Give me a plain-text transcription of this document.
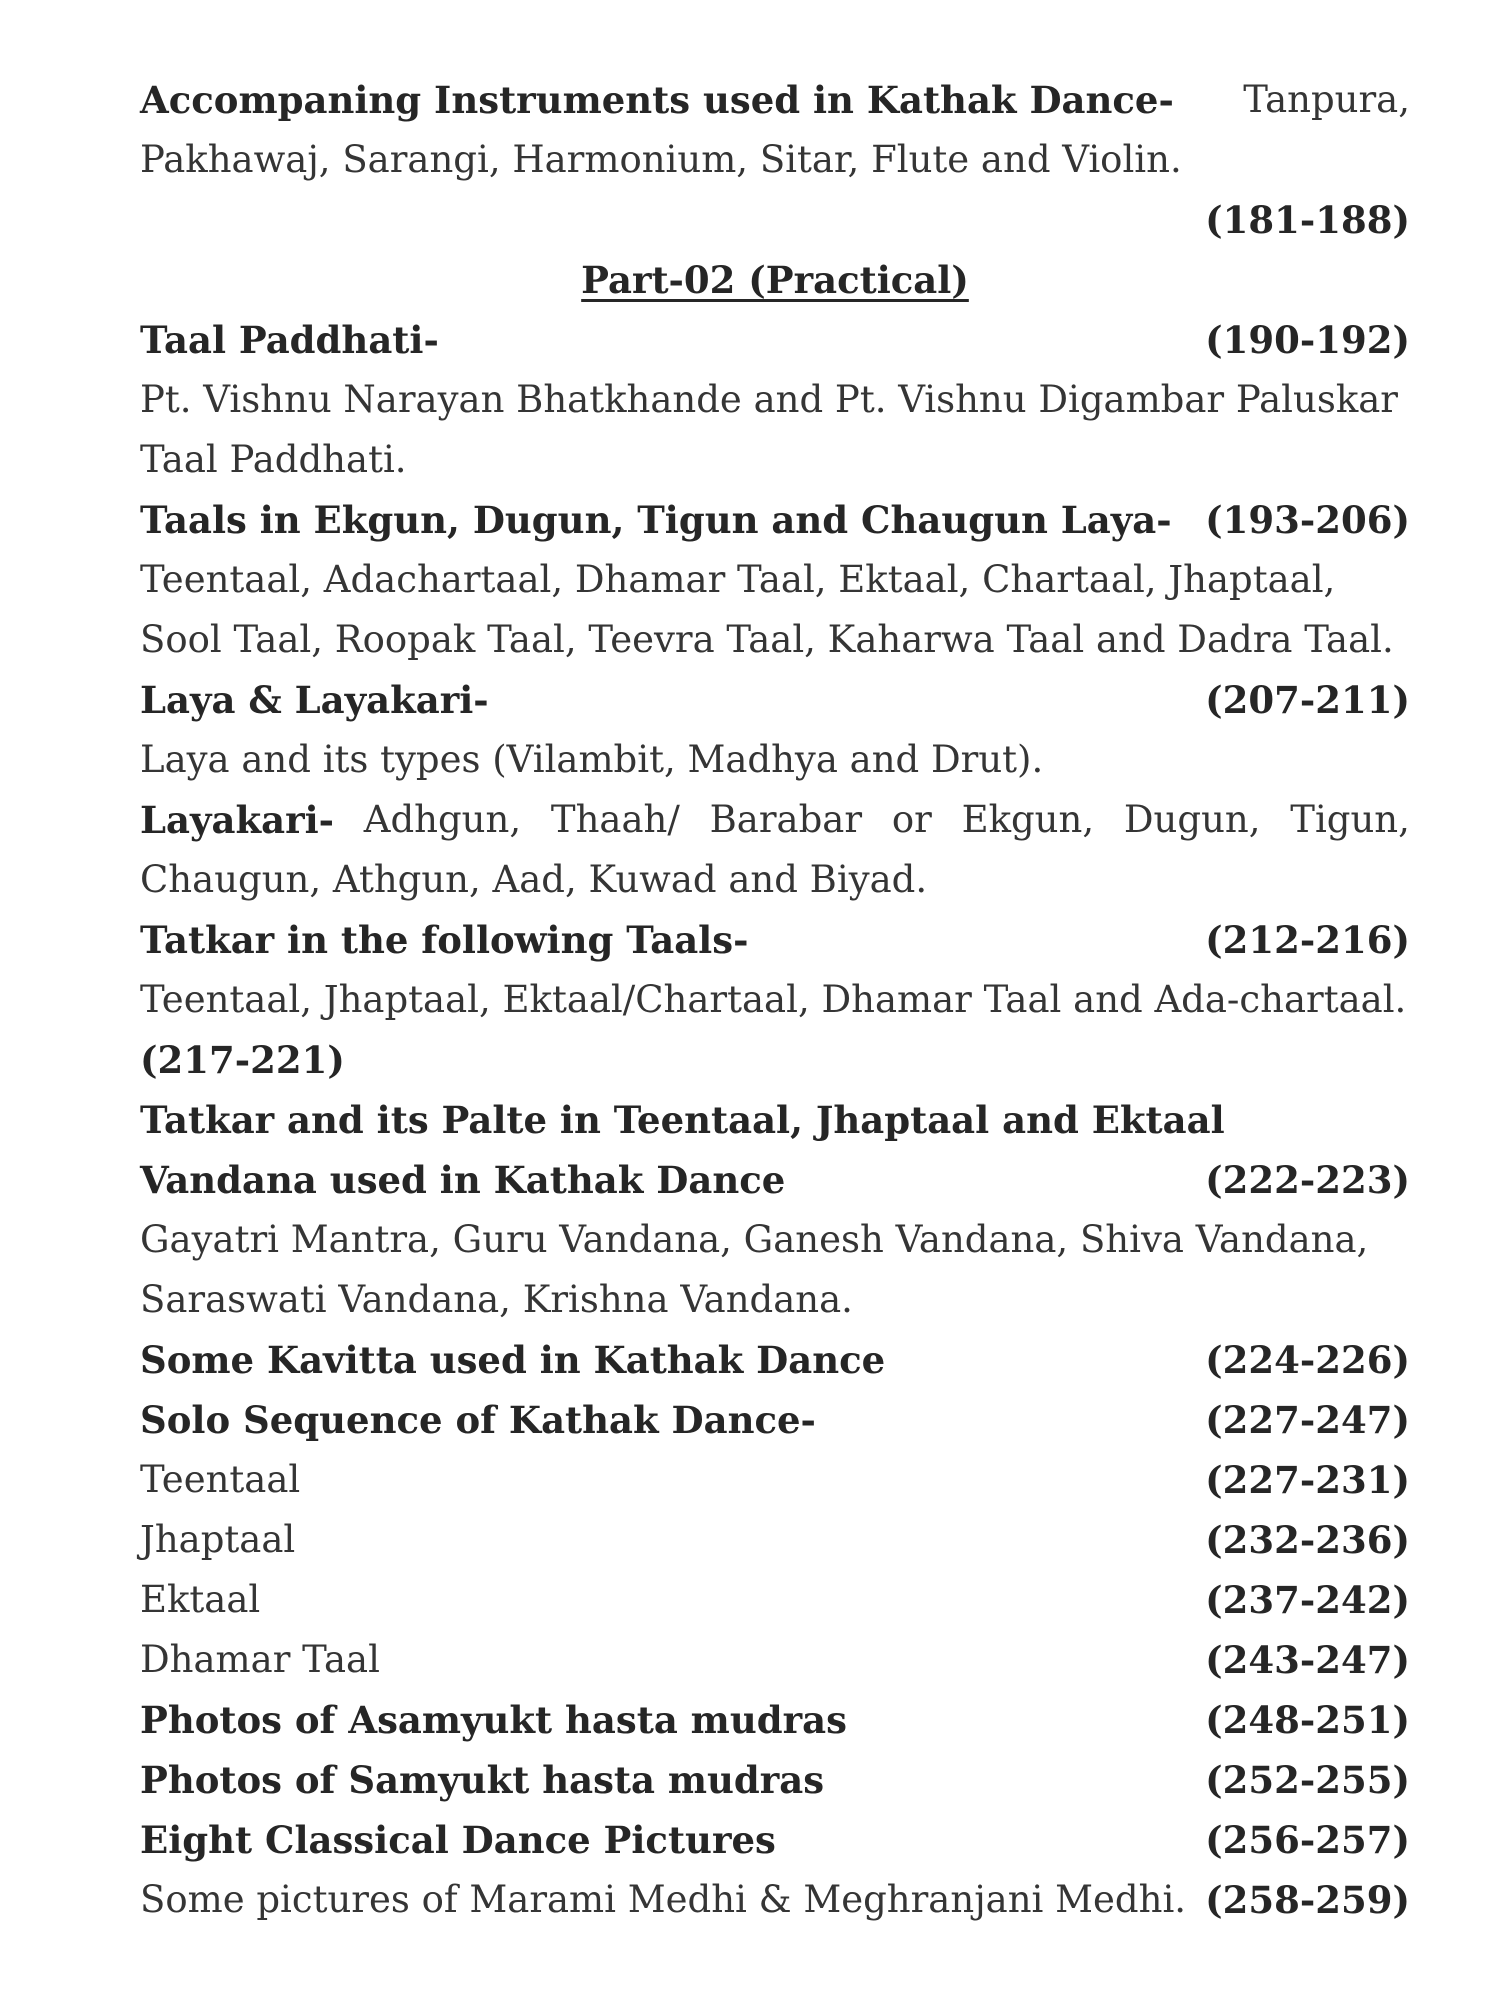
Accompaning Instruments used in Kathak Dance- Tanpura,
Pakhawaj, Sarangi, Harmonium, Sitar, Flute and Violin.
(181-188)
Part-02 (Practical)
Taal Paddhati-	(190-192)
Pt. Vishnu Narayan Bhatkhande and Pt. Vishnu Digambar Paluskar
Taal Paddhati.
Taals in Ekgun, Dugun, Tigun and Chaugun Laya- (193-206)
Teentaal, Adachartaal, Dhamar Taal, Ektaal, Chartaal, Jhaptaal,
Sool Taal, Roopak Taal, Teevra Taal, Kaharwa Taal and Dadra Taal.
Laya & Layakari-	(207-211)
Laya and its types (Vilambit, Madhya and Drut).
Layakari- Adhgun, Thaah/ Barabar or Ekgun, Dugun, Tigun,
Chaugun, Athgun, Aad, Kuwad and Biyad.
Tatkar in the following Taals-	(212-216)
Teentaal, Jhaptaal, Ektaal/Chartaal, Dhamar Taal and Ada-chartaal.
(217-221)
Tatkar and its Palte in Teentaal, Jhaptaal and Ektaal
Vandana used in Kathak Dance	(222-223)
Gayatri Mantra, Guru Vandana, Ganesh Vandana, Shiva Vandana,
Saraswati Vandana, Krishna Vandana.
Some Kavitta used in Kathak Dance	(224-226)
Solo Sequence of Kathak Dance-	(227-247)
Teentaal	(227-231)
Jhaptaal	(232-236)
Ektaal	(237-242)
Dhamar Taal	(243-247)
Photos of Asamyukt hasta mudras	(248-251)
Photos of Samyukt hasta mudras	(252-255)
Eight Classical Dance Pictures	(256-257)
Some pictures of Marami Medhi & Meghranjani Medhi. (258-259)
